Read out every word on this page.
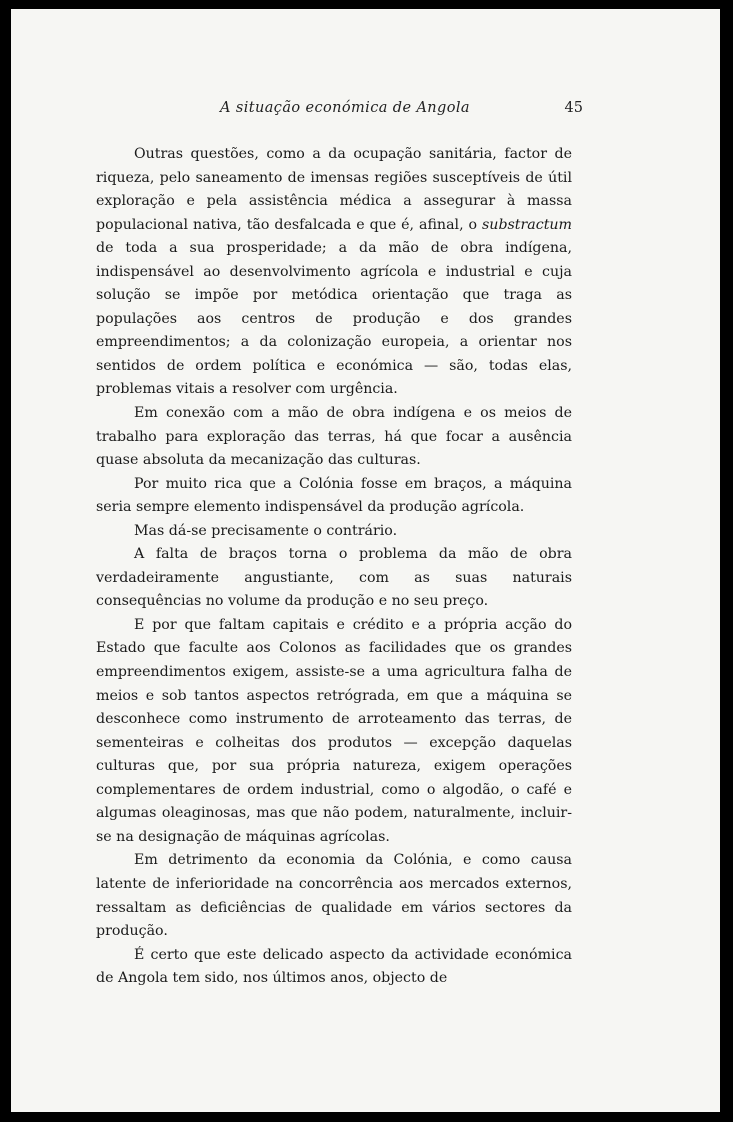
A situação económica de Angola	45

Outras questões, como a da ocupação sanitária, factor de riqueza, pelo saneamento de imensas regiões susceptíveis de útil exploração e pela assistência médica a assegurar à massa populacional nativa, tão desfalcada e que é, afinal, o substractum de toda a sua prosperidade; a da mão de obra indígena, indispensável ao desenvolvimento agrícola e industrial e cuja solução se impõe por metódica orientação que traga as populações aos centros de produção e dos grandes empreendimentos; a da colonização europeia, a orientar nos sentidos de ordem política e económica — são, todas elas, problemas vitais a resolver com urgência.

Em conexão com a mão de obra indígena e os meios de trabalho para exploração das terras, há que focar a ausência quase absoluta da mecanização das culturas.

Por muito rica que a Colónia fosse em braços, a máquina seria sempre elemento indispensável da produção agrícola.

Mas dá-se precisamente o contrário.

A falta de braços torna o problema da mão de obra verdadeiramente angustiante, com as suas naturais consequências no volume da produção e no seu preço.

E por que faltam capitais e crédito e a própria acção do Estado que faculte aos Colonos as facilidades que os grandes empreendimentos exigem, assiste-se a uma agricultura falha de meios e sob tantos aspectos retrógrada, em que a máquina se desconhece como instrumento de arroteamento das terras, de sementeiras e colheitas dos produtos — excepção daquelas culturas que, por sua própria natureza, exigem operações complementares de ordem industrial, como o algodão, o café e algumas oleaginosas, mas que não podem, naturalmente, incluir-se na designação de máquinas agrícolas.

Em detrimento da economia da Colónia, e como causa latente de inferioridade na concorrência aos mercados externos, ressaltam as deficiências de qualidade em vários sectores da produção.

É certo que este delicado aspecto da actividade económica de Angola tem sido, nos últimos anos, objecto de
